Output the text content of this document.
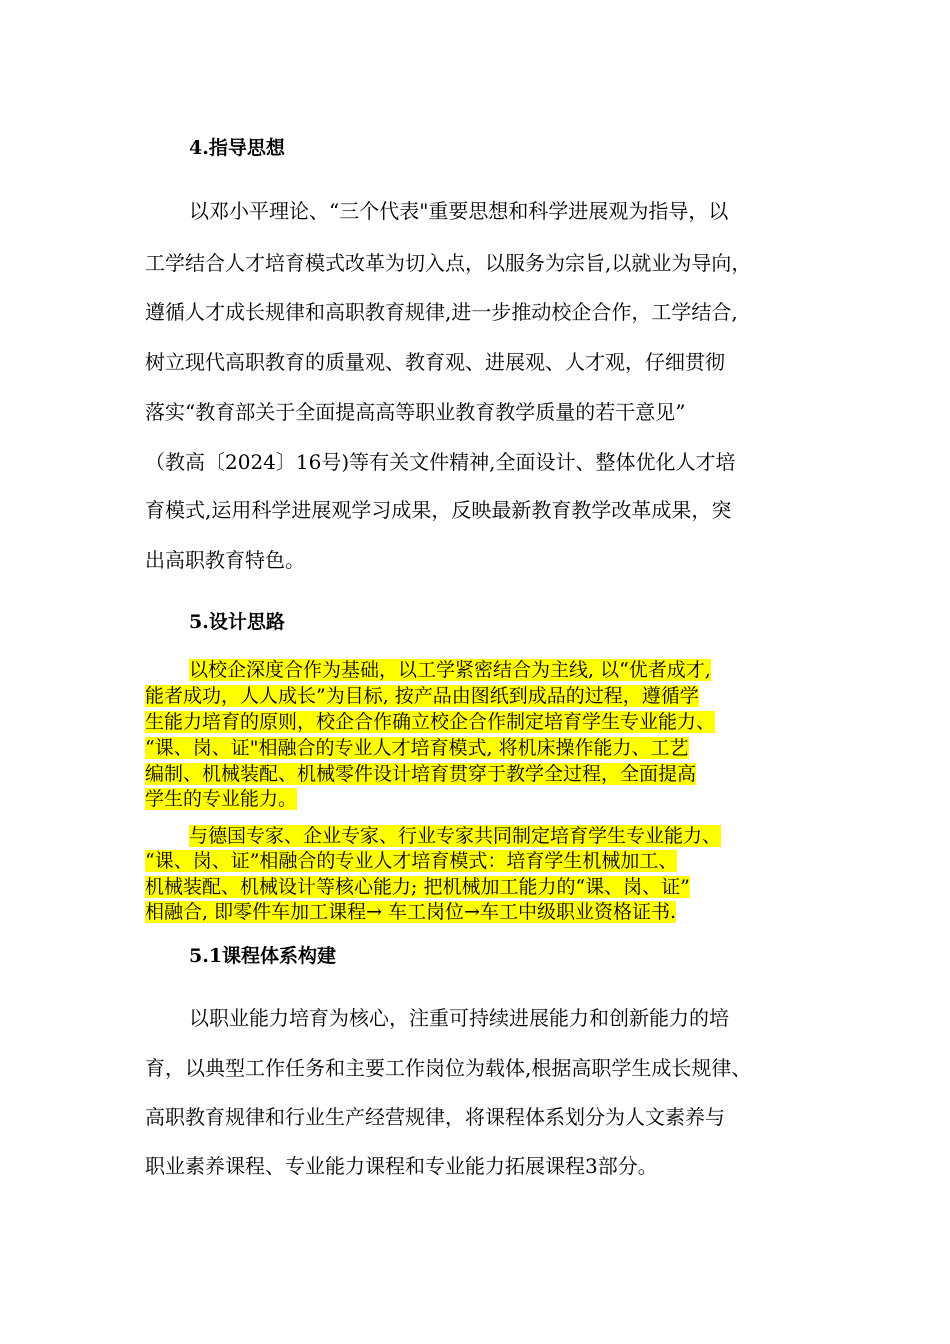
4.指导思想

以邓小平理论、“三个代表"重要思想和科学进展观为指导，以

工学结合人才培育模式改革为切入点，以服务为宗旨,以就业为导向，

遵循人才成长规律和高职教育规律,进一步推动校企合作，工学结合,

树立现代高职教育的质量观、教育观、进展观、人才观，仔细贯彻

落实“教育部关于全面提高高等职业教育教学质量的若干意见”

（教高〔2024〕16号)等有关文件精神,全面设计、整体优化人才培

育模式,运用科学进展观学习成果，反映最新教育教学改革成果，突

出高职教育特色。

5.设计思路

以校企深度合作为基础，以工学紧密结合为主线, 以“优者成才,

能者成功，人人成长”为目标, 按产品由图纸到成品的过程，遵循学

生能力培育的原则，校企合作确立校企合作制定培育学生专业能力、

“课、岗、证"相融合的专业人才培育模式, 将机床操作能力、工艺

编制、机械装配、机械零件设计培育贯穿于教学全过程，全面提高

学生的专业能力。

与德国专家、企业专家、行业专家共同制定培育学生专业能力、

“课、岗、证”相融合的专业人才培育模式：培育学生机械加工、

机械装配、机械设计等核心能力; 把机械加工能力的“课、岗、证”

相融合, 即零件车加工课程→ 车工岗位→车工中级职业资格证书.

5.1课程体系构建

以职业能力培育为核心，注重可持续进展能力和创新能力的培

育，以典型工作任务和主要工作岗位为载体,根据高职学生成长规律、

高职教育规律和行业生产经营规律，将课程体系划分为人文素养与

职业素养课程、专业能力课程和专业能力拓展课程3部分。
